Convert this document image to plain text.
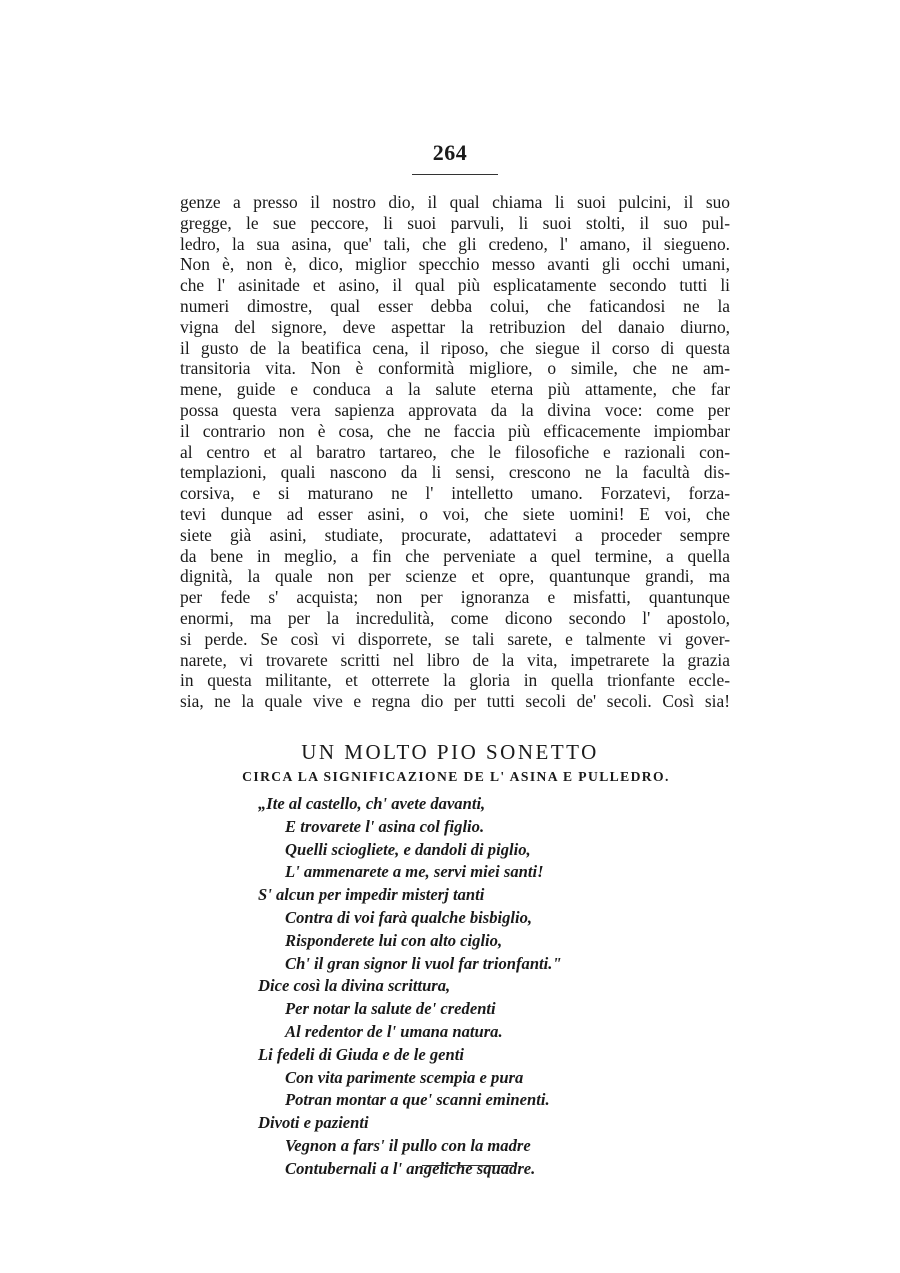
264
genze a presso il nostro dio, il qual chiama li suoi pulcini, il suo
gregge, le sue peccore, li suoi parvuli, li suoi stolti, il suo pul-
ledro, la sua asina, que' tali, che gli credeno, l' amano, il siegueno.
Non è, non è, dico, miglior specchio messo avanti gli occhi umani,
che l' asinitade et asino, il qual più esplicatamente secondo tutti li
numeri dimostre, qual esser debba colui, che faticandosi ne la
vigna del signore, deve aspettar la retribuzion del danaio diurno,
il gusto de la beatifica cena, il riposo, che siegue il corso di questa
transitoria vita. Non è conformità migliore, o simile, che ne am-
mene, guide e conduca a la salute eterna più attamente, che far
possa questa vera sapienza approvata da la divina voce: come per
il contrario non è cosa, che ne faccia più efficacemente impiombar
al centro et al baratro tartareo, che le filosofiche e razionali con-
templazioni, quali nascono da li sensi, crescono ne la facultà dis-
corsiva, e si maturano ne l' intelletto umano. Forzatevi, forza-
tevi dunque ad esser asini, o voi, che siete uomini! E voi, che
siete già asini, studiate, procurate, adattatevi a proceder sempre
da bene in meglio, a fin che perveniate a quel termine, a quella
dignità, la quale non per scienze et opre, quantunque grandi, ma
per fede s' acquista; non per ignoranza e misfatti, quantunque
enormi, ma per la incredulità, come dicono secondo l' apostolo,
si perde. Se così vi disporrete, se tali sarete, e talmente vi gover-
narete, vi trovarete scritti nel libro de la vita, impetrarete la grazia
in questa militante, et otterrete la gloria in quella trionfante eccle-
sia, ne la quale vive e regna dio per tutti secoli de' secoli. Così sia!
UN MOLTO PIO SONETTO
CIRCA LA SIGNIFICAZIONE DE L' ASINA E PULLEDRO.
„Ite al castello, ch' avete davanti,
E trovarete l' asina col figlio.
Quelli sciogliete, e dandoli di piglio,
L' ammenarete a me, servi miei santi!
S' alcun per impedir misterj tanti
Contra di voi farà qualche bisbiglio,
Risponderete lui con alto ciglio,
Ch' il gran signor li vuol far trionfanti."
Dice così la divina scrittura,
Per notar la salute de' credenti
Al redentor de l' umana natura.
Li fedeli di Giuda e de le genti
Con vita parimente scempia e pura
Potran montar a que' scanni eminenti.
Divoti e pazienti
Vegnon a fars' il pullo con la madre
Contubernali a l' angeliche squadre.
